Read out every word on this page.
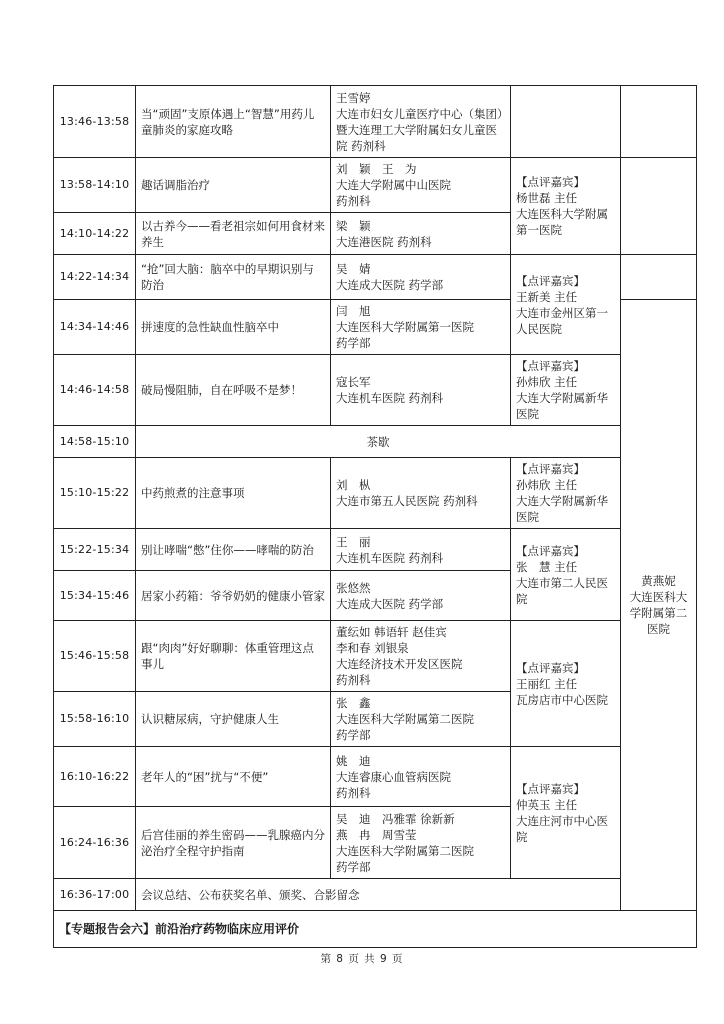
13:46-13:58	当“顽固”支原体遇上“智慧”用药儿童肺炎的家庭攻略	王雪婷
大连市妇女儿童医疗中心（集团）暨大连理工大学附属妇女儿童医院 药剂科		

13:58-14:10	趣话调脂治疗	刘　颖　王　为
大连大学附属中山医院
药剂科	【点评嘉宾】
杨世磊 主任
大连医科大学附属第一医院	

14:10-14:22	以古养今——看老祖宗如何用食材来养生	梁　颖
大连港医院 药剂科		

14:22-14:34	“抢”回大脑：脑卒中的早期识别与防治	吴　婧
大连成大医院 药学部	【点评嘉宾】
王新美 主任
大连市金州区第一人民医院	

14:34-14:46	拼速度的急性缺血性脑卒中	闫　旭
大连医科大学附属第一医院
药学部		黄燕妮
大连医科大学附属第二医院

14:46-14:58	破局慢阻肺，自在呼吸不是梦！	寇长军
大连机车医院 药剂科	【点评嘉宾】
孙炜欣 主任
大连大学附属新华医院	

14:58-15:10	茶歇			
15:10-15:22	中药煎煮的注意事项	刘　枞
大连市第五人民医院 药剂科	【点评嘉宾】
孙炜欣 主任
大连大学附属新华医院	

15:22-15:34	别让哮喘“憋”住你——哮喘的防治	王　丽
大连机车医院 药剂科	【点评嘉宾】
张　慧 主任
大连市第二人民医院	

15:34-15:46	居家小药箱：爷爷奶奶的健康小管家	张悠然
大连成大医院 药学部		

15:46-15:58	跟“肉肉”好好聊聊：体重管理这点事儿	董纭如 韩语轩 赵佳宾
李和春 刘银泉
大连经济技术开发区医院
药剂科	【点评嘉宾】
王丽红 主任
瓦房店市中心医院	

15:58-16:10	认识糖尿病，守护健康人生	张　鑫
大连医科大学附属第二医院
药学部		

16:10-16:22	老年人的“困”扰与“不便”	姚　迪
大连睿康心血管病医院
药剂科	【点评嘉宾】
仲英玉 主任
大连庄河市中心医院	

16:24-16:36	后宫佳丽的养生密码——乳腺癌内分泌治疗全程守护指南	吴　迪　冯雅霏 徐新新
燕　冉　周雪莹
大连医科大学附属第二医院
药学部		

16:36-17:00	会议总结、公布获奖名单、颁奖、合影留念			
【专题报告会六】前沿治疗药物临床应用评价				
第 8 页 共 9 页
